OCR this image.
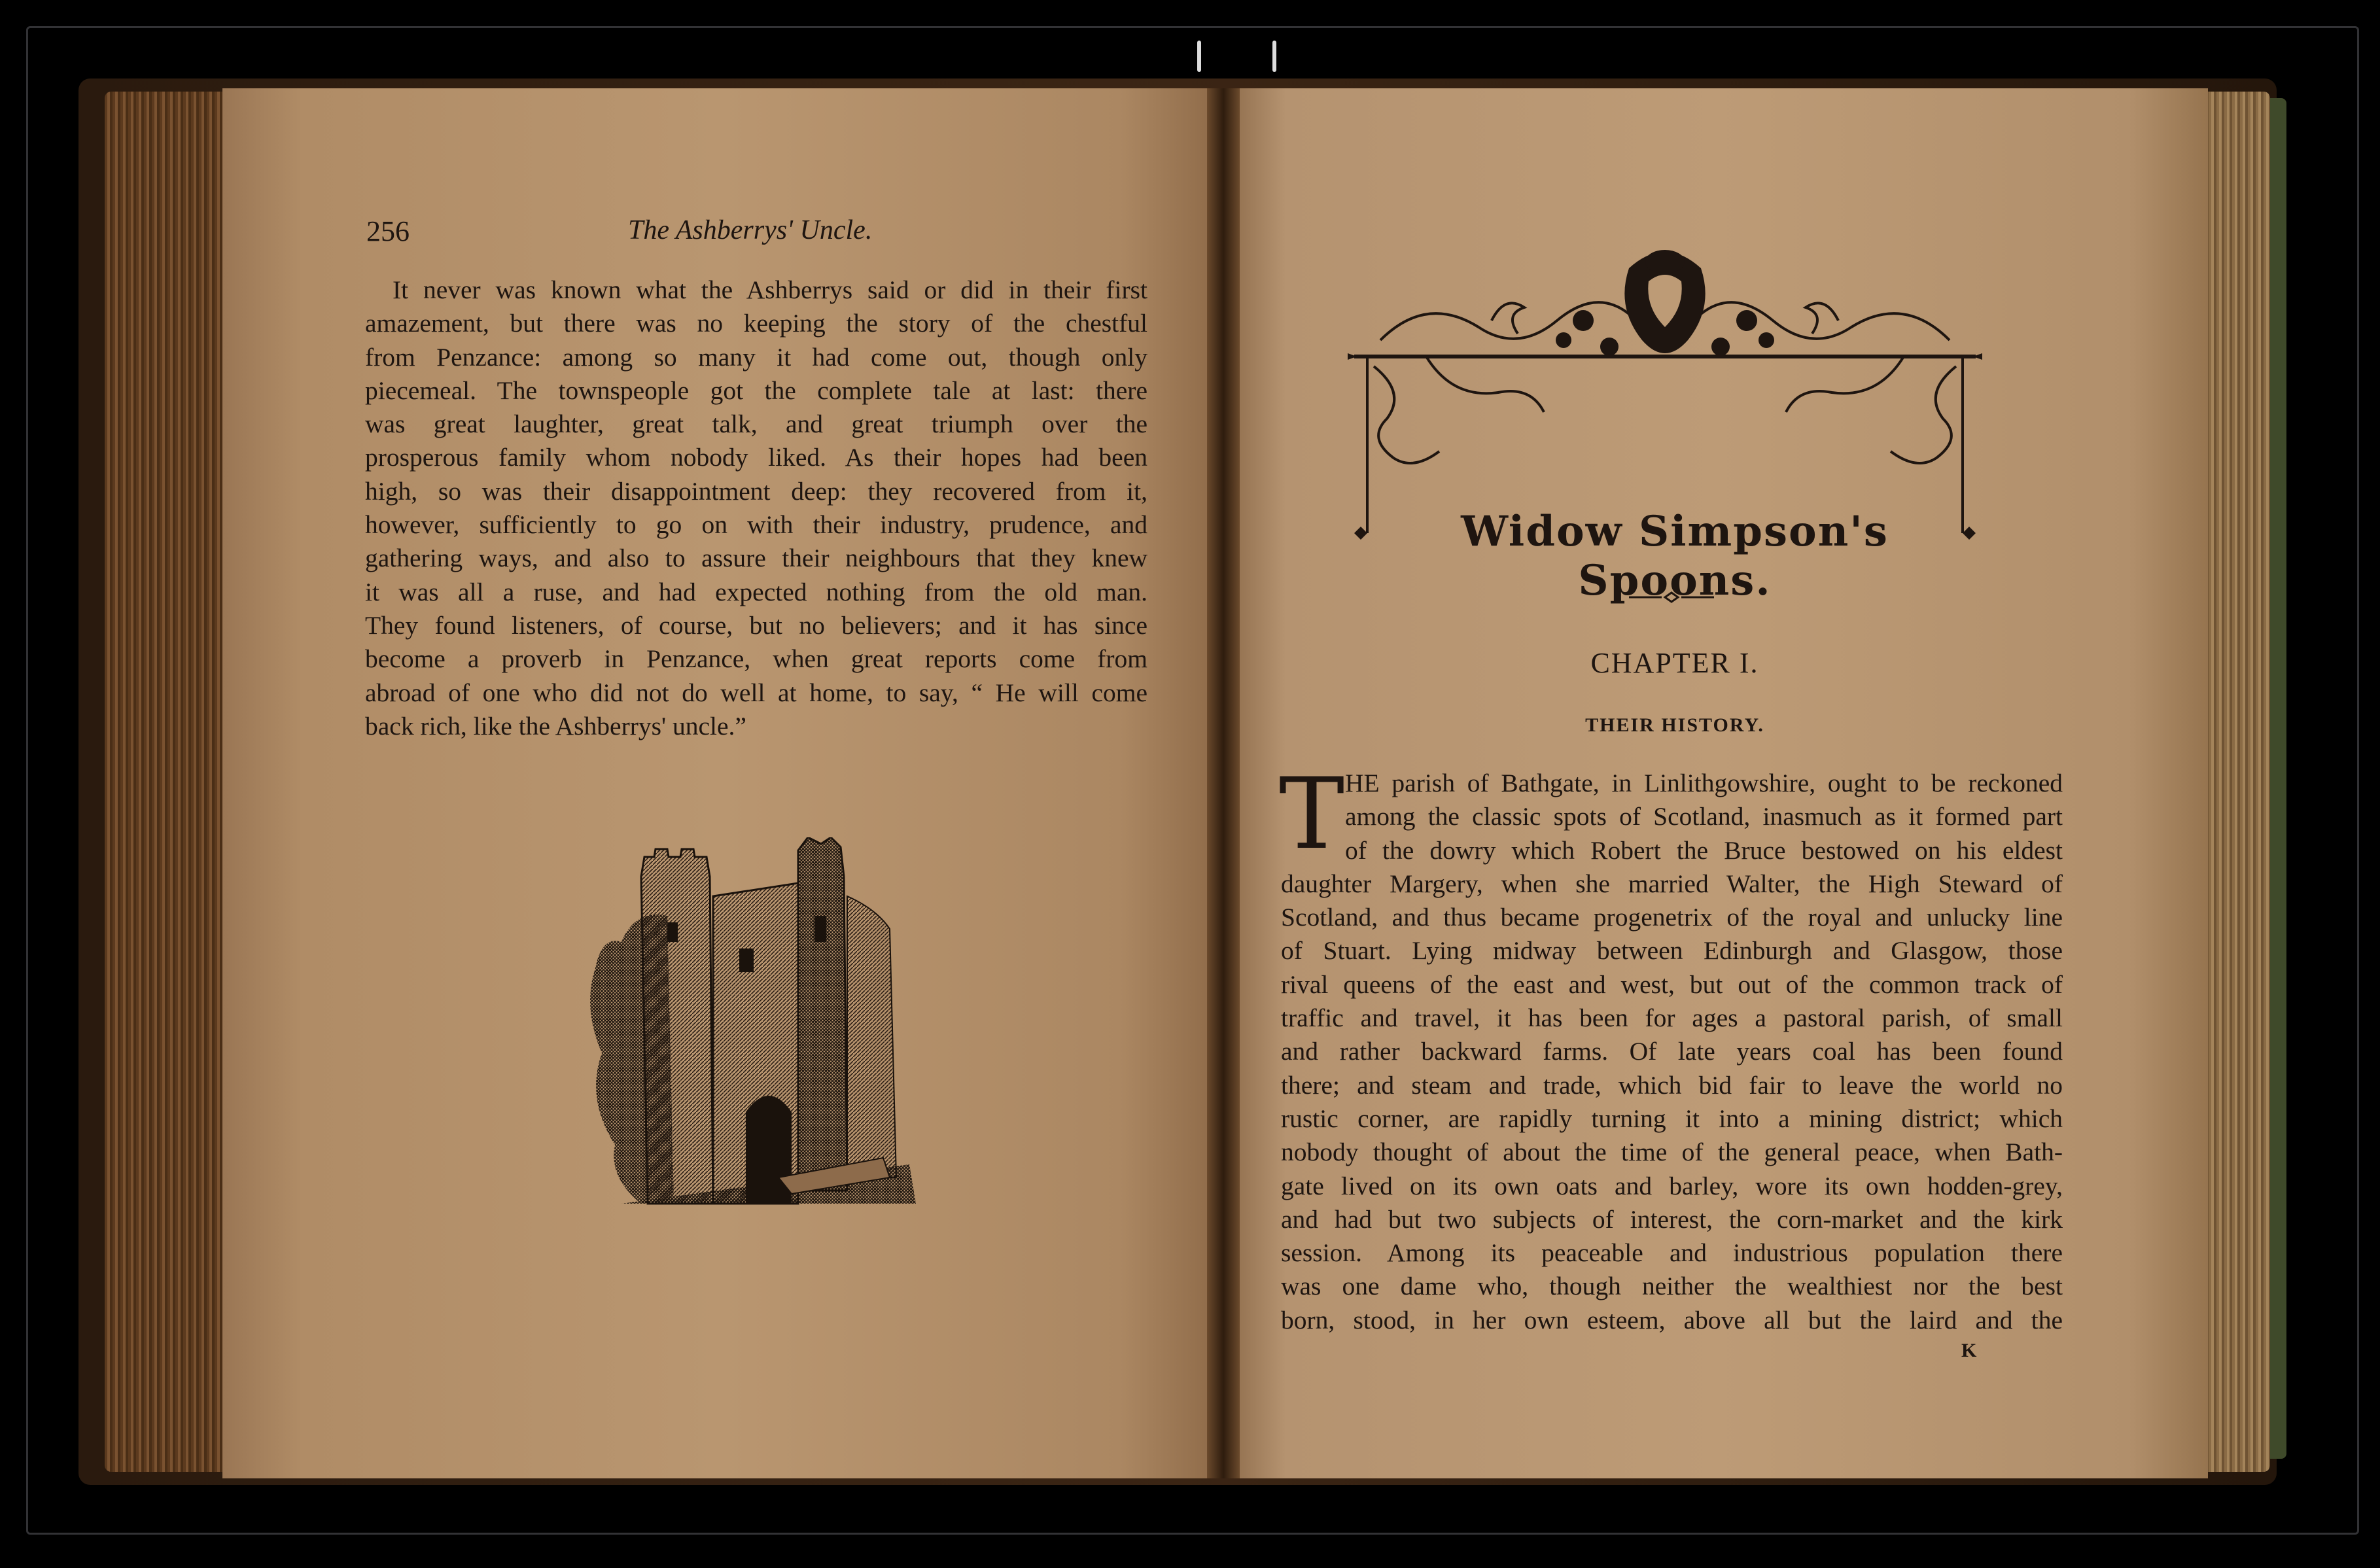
256	The Ashberrys' Uncle.
It never was known what the Ashberrys said or did in their first
amazement, but there was no keeping the story of the chestful
from Penzance: among so many it had come out, though only
piecemeal. The townspeople got the complete tale at last: there
was great laughter, great talk, and great triumph over the
prosperous family whom nobody liked. As their hopes had been
high, so was their disappointment deep: they recovered from it,
however, sufficiently to go on with their industry, prudence, and
gathering ways, and also to assure their neighbours that they knew
it was all a ruse, and had expected nothing from the old man.
They found listeners, of course, but no believers; and it has since
become a proverb in Penzance, when great reports come from
abroad of one who did not do well at home, to say, “ He will come
back rich, like the Ashberrys' uncle.”
Widow Simpson's Spoons.
CHAPTER I.
THEIR HISTORY.
T HE parish of Bathgate, in Linlithgowshire, ought to be reckoned
among the classic spots of Scotland, inasmuch as it formed part
of the dowry which Robert the Bruce bestowed on his eldest
daughter Margery, when she married Walter, the High Steward of
Scotland, and thus became progenetrix of the royal and unlucky line
of Stuart. Lying midway between Edinburgh and Glasgow, those
rival queens of the east and west, but out of the common track of
traffic and travel, it has been for ages a pastoral parish, of small
and rather backward farms. Of late years coal has been found
there; and steam and trade, which bid fair to leave the world no
rustic corner, are rapidly turning it into a mining district; which
nobody thought of about the time of the general peace, when Bath-
gate lived on its own oats and barley, wore its own hodden-grey,
and had but two subjects of interest, the corn-market and the kirk
session. Among its peaceable and industrious population there
was one dame who, though neither the wealthiest nor the best
born, stood, in her own esteem, above all but the laird and the
K
